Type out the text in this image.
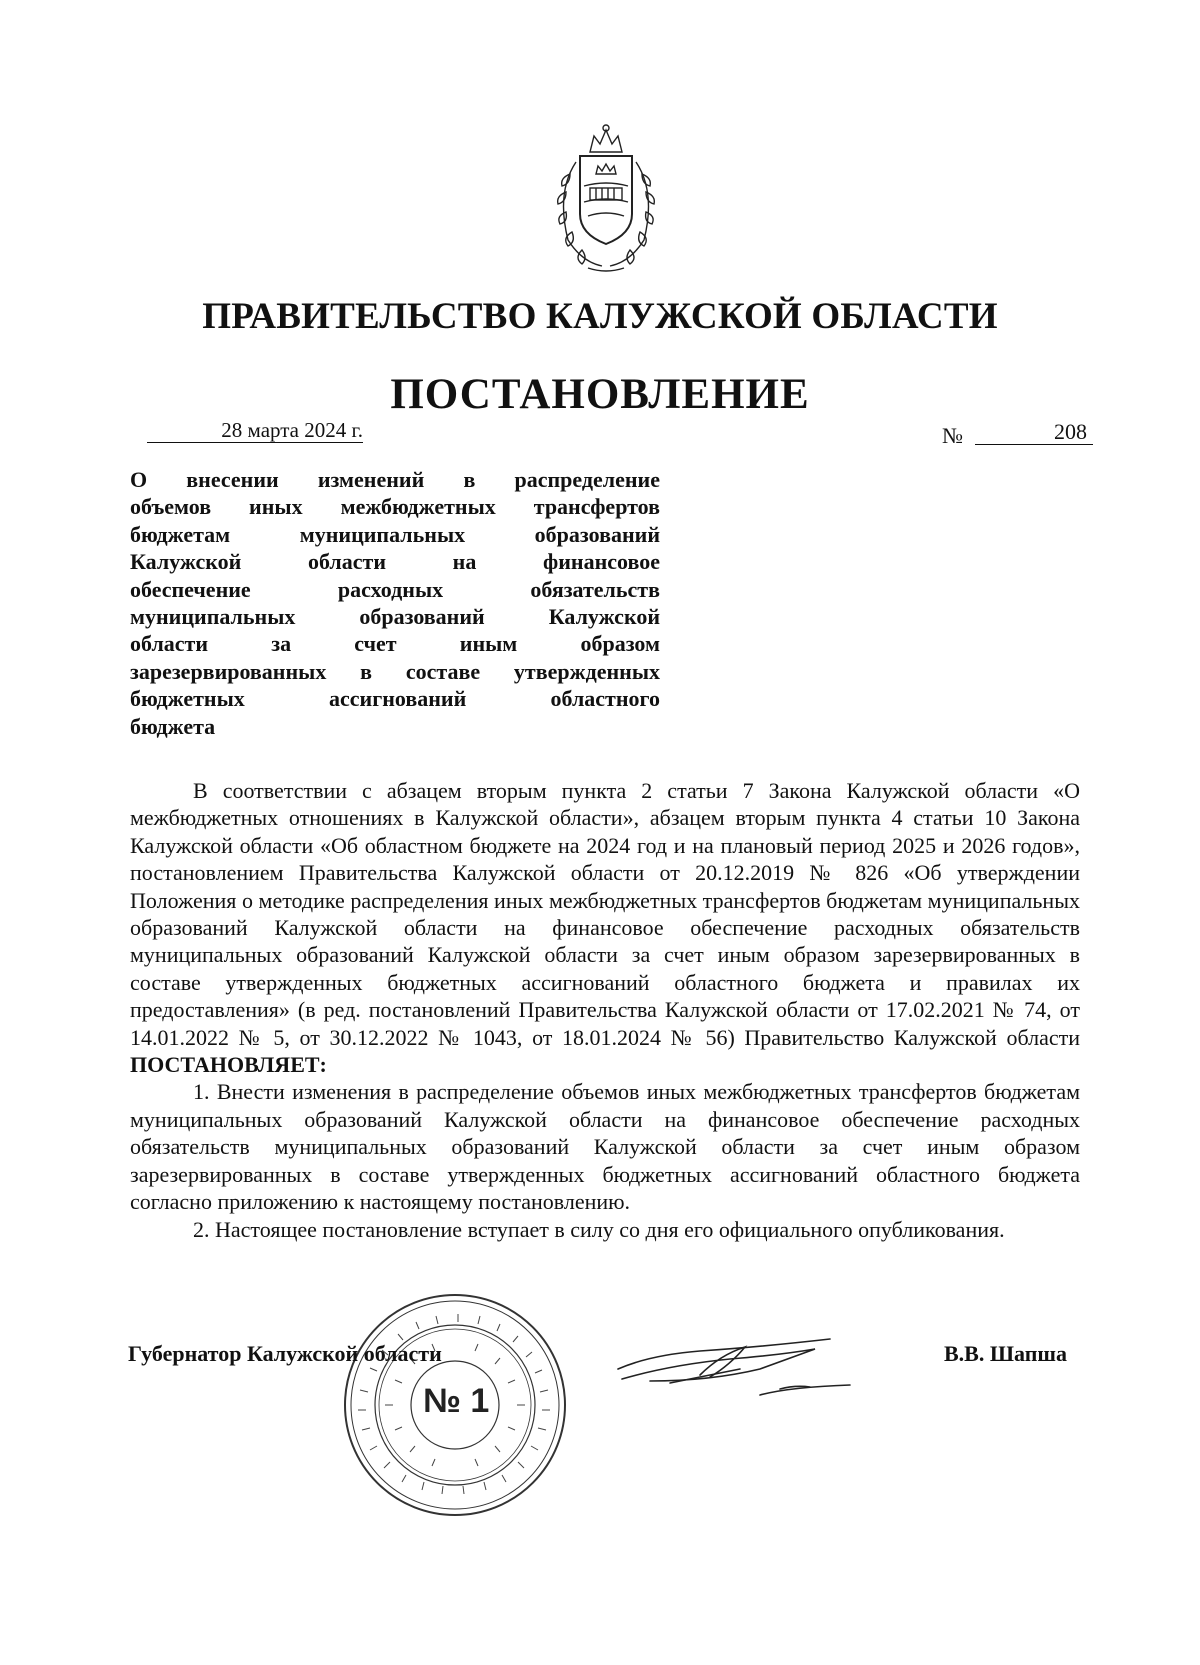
ПРАВИТЕЛЬСТВО КАЛУЖСКОЙ ОБЛАСТИ
ПОСТАНОВЛЕНИЕ
28 марта 2024 г.	№	208
О внесении изменений в распределение
объемов иных межбюджетных трансфертов
бюджетам муниципальных образований
Калужской области на финансовое
обеспечение расходных обязательств
муниципальных образований Калужской
области за счет иным образом
зарезервированных в составе утвержденных
бюджетных ассигнований областного
бюджета

В соответствии с абзацем вторым пункта 2 статьи 7 Закона Калужской области «О межбюджетных отношениях в Калужской области», абзацем вторым пункта 4 статьи 10 Закона Калужской области «Об областном бюджете на 2024 год и на плановый период 2025 и 2026 годов», постановлением Правительства Калужской области от 20.12.2019 № 826 «Об утверждении Положения о методике распределения иных межбюджетных трансфертов бюджетам муниципальных образований Калужской области на финансовое обеспечение расходных обязательств муниципальных образований Калужской области за счет иным образом зарезервированных в составе утвержденных бюджетных ассигнований областного бюджета и правилах их предоставления» (в ред. постановлений Правительства Калужской области от 17.02.2021 № 74, от 14.01.2022 № 5, от 30.12.2022 № 1043, от 18.01.2024 № 56) Правительство Калужской области ПОСТАНОВЛЯЕТ:

1. Внести изменения в распределение объемов иных межбюджетных трансфертов бюджетам муниципальных образований Калужской области на финансовое обеспечение расходных обязательств муниципальных образований Калужской области за счет иным образом зарезервированных в составе утвержденных бюджетных ассигнований областного бюджета согласно приложению к настоящему постановлению.

2. Настоящее постановление вступает в силу со дня его официального опубликования.

№ 1
Губернатор Калужской области	В.В. Шапша
